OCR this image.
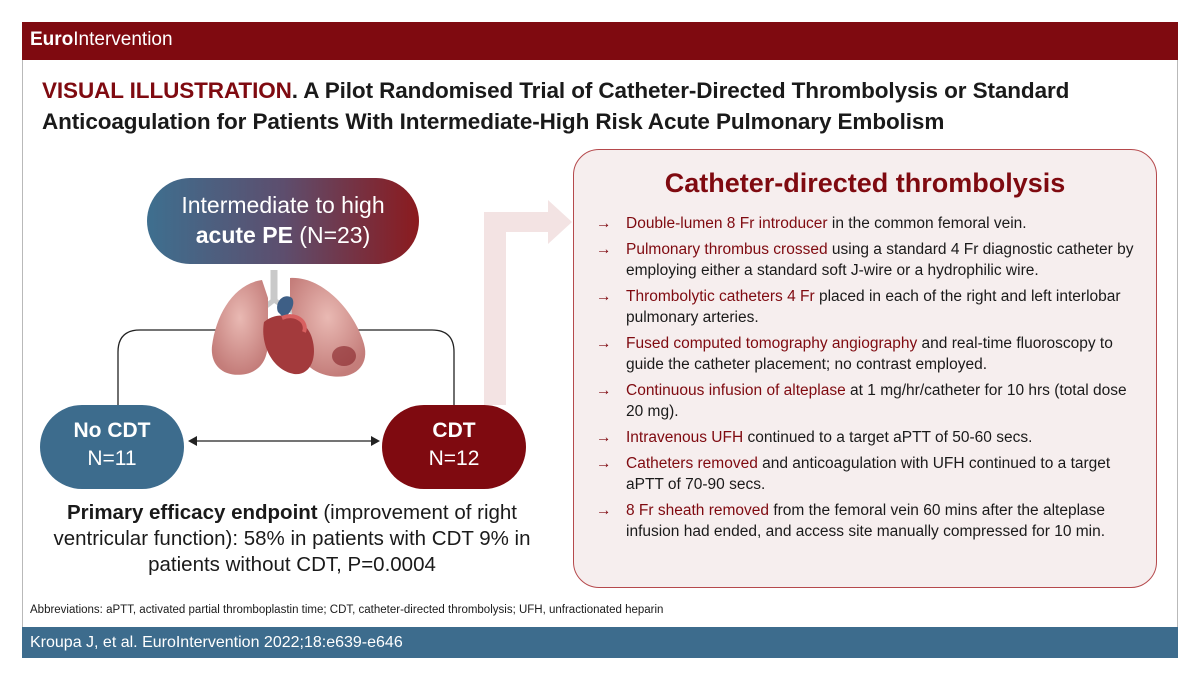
EuroIntervention
VISUAL ILLUSTRATION. A Pilot Randomised Trial of Catheter-Directed Thrombolysis or Standard Anticoagulation for Patients With Intermediate-High Risk Acute Pulmonary Embolism
Intermediate to high
acute PE (N=23)
No CDT
N=11
CDT
N=12
Primary efficacy endpoint (improvement of right ventricular function): 58% in patients with CDT 9% in patients without CDT, P=0.0004
Catheter-directed thrombolysis
→ Double-lumen 8 Fr introducer in the common femoral vein.
→ Pulmonary thrombus crossed using a standard 4 Fr diagnostic catheter by employing either a standard soft J-wire or a hydrophilic wire.
→ Thrombolytic catheters 4 Fr placed in each of the right and left interlobar pulmonary arteries.
→ Fused computed tomography angiography and real-time fluoroscopy to guide the catheter placement; no contrast employed.
→ Continuous infusion of alteplase at 1 mg/hr/catheter for 10 hrs (total dose 20 mg).
→ Intravenous UFH continued to a target aPTT of 50-60 secs.
→ Catheters removed and anticoagulation with UFH continued to a target aPTT of 70-90 secs.
→ 8 Fr sheath removed from the femoral vein 60 mins after the alteplase infusion had ended, and access site manually compressed for 10 min.
Abbreviations: aPTT, activated partial thromboplastin time; CDT, catheter-directed thrombolysis; UFH, unfractionated heparin
Kroupa J, et al. EuroIntervention 2022;18:e639-e646
